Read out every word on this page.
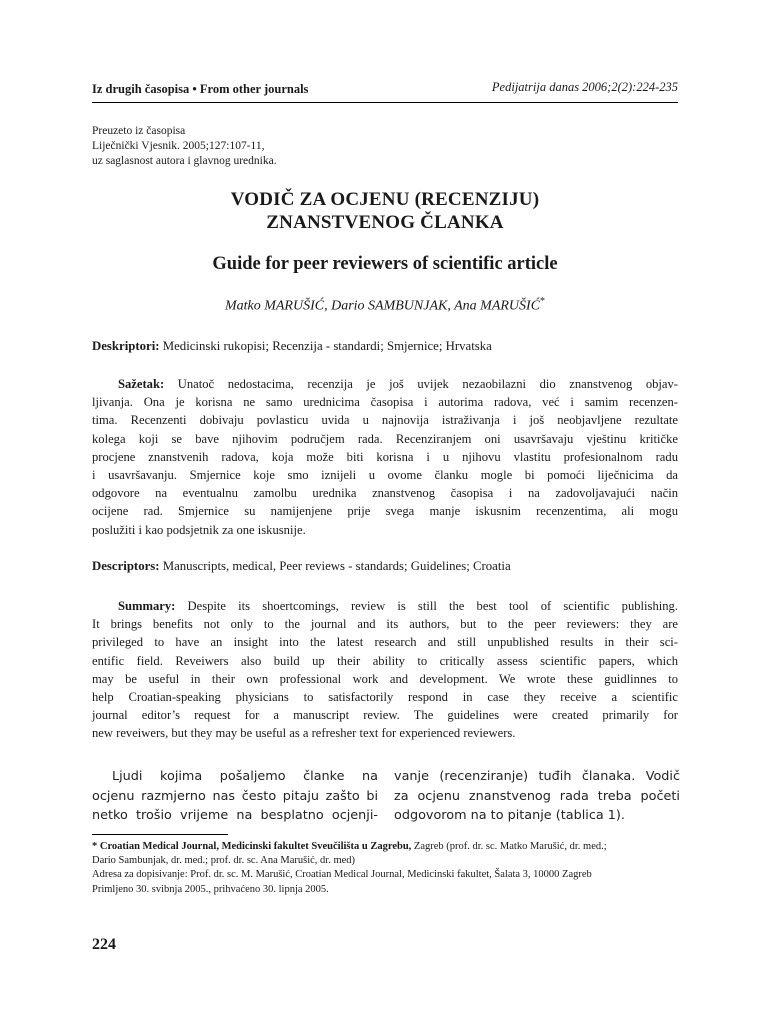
Iz drugih časopisa • From other journals	Pedijatrija danas 2006;2(2):224-235
Preuzeto iz časopisa
Liječnički Vjesnik. 2005;127:107-11,
uz saglasnost autora i glavnog urednika.
VODIČ ZA OCJENU (RECENZIJU)
ZNANSTVENOG ČLANKA
Guide for peer reviewers of scientific article
Matko MARUŠIĆ, Dario SAMBUNJAK, Ana MARUŠIĆ*
Deskriptori: Medicinski rukopisi; Recenzija - standardi; Smjernice; Hrvatska
Sažetak: Unatoč nedostacima, recenzija je još uvijek nezaobilazni dio znanstvenog objav-
ljivanja. Ona je korisna ne samo urednicima časopisa i autorima radova, već i samim recenzen-
tima. Recenzenti dobivaju povlasticu uvida u najnovija istraživanja i još neobjavljene rezultate
kolega koji se bave njihovim područjem rada. Recenziranjem oni usavršavaju vještinu kritičke
procjene znanstvenih radova, koja može biti korisna i u njihovu vlastitu profesionalnom radu
i usavršavanju. Smjernice koje smo iznijeli u ovome članku mogle bi pomoći liječnicima da
odgovore na eventualnu zamolbu urednika znanstvenog časopisa i na zadovoljavajući način
ocijene rad. Smjernice su namijenjene prije svega manje iskusnim recenzentima, ali mogu
poslužiti i kao podsjetnik za one iskusnije.
Descriptors: Manuscripts, medical, Peer reviews - standards; Guidelines; Croatia
Summary: Despite its shoertcomings, review is still the best tool of scientific publishing.
It brings benefits not only to the journal and its authors, but to the peer reviewers: they are
privileged to have an insight into the latest research and still unpublished results in their sci-
entific field. Reveiwers also build up their ability to critically assess scientific papers, which
may be useful in their own professional work and development. We wrote these guidlinnes to
help Croatian-speaking physicians to satisfactorily respond in case they receive a scientific
journal editor’s request for a manuscript review. The guidelines were created primarily for
new reveiwers, but they may be useful as a refresher text for experienced reviewers.
Ljudi kojima pošaljemo članke na
ocjenu razmjerno nas često pitaju zašto bi
netko trošio vrijeme na besplatno ocjenji-
vanje (recenziranje) tuđih članaka. Vodič
za ocjenu znanstvenog rada treba početi
odgovorom na to pitanje (tablica 1).
* Croatian Medical Journal, Medicinski fakultet Sveučilišta u Zagrebu, Zagreb (prof. dr. sc. Matko Marušić, dr. med.;
Dario Sambunjak, dr. med.; prof. dr. sc. Ana Marušić, dr. med)
Adresa za dopisivanje: Prof. dr. sc. M. Marušić, Croatian Medical Journal, Medicinski fakultet, Šalata 3, 10000 Zagreb
Primljeno 30. svibnja 2005., prihvaćeno 30. lipnja 2005.
224
